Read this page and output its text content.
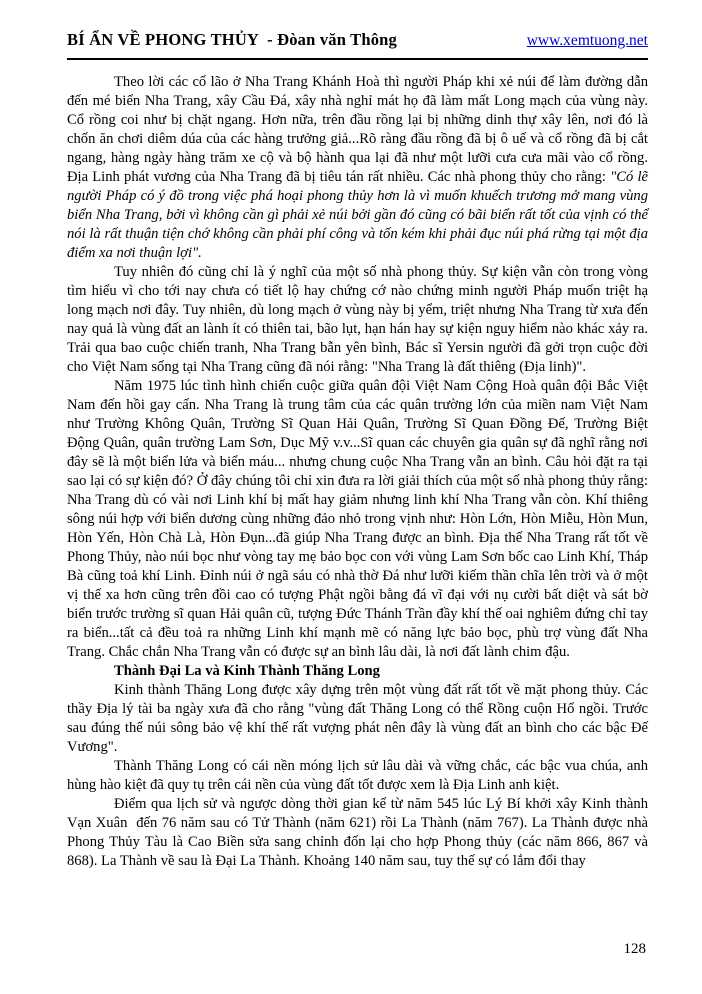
BÍ ẨN VỀ PHONG THỦY  - Đòan văn Thông	www.xemtuong.net

Theo lời các cố lão ở Nha Trang Khánh Hoà thì người Pháp khi xẻ núi để làm đường dẫn đến mé biển Nha Trang, xây Cầu Đá, xây nhà nghỉ mát họ đã làm mất Long mạch của vùng này. Cổ rồng coi như bị chặt ngang. Hơn nữa, trên đầu rồng lại bị những dinh thự xây lên, nơi đó là chốn ăn chơi diêm dúa của các hàng trưởng giả...Rõ ràng đầu rồng đã bị ô uế và cổ rồng đã bị cắt ngang, hàng ngày hàng trăm xe cộ và bộ hành qua lại đã như một lưỡi cưa cưa mãi vào cổ rồng. Địa Linh phát vương của Nha Trang đã bị tiêu tán rất nhiều. Các nhà phong thủy cho rằng: "Có lẽ người Pháp có ý đồ trong việc phá hoại phong thủy hơn là vì muốn khuếch trương mở mang vùng biển Nha Trang, bởi vì không cần gì phải xẻ núi bởi gần đó cũng có bãi biển rất tốt của vịnh có thể nói là rất thuận tiện chớ không cần phải phí công và tốn kém khi phải đục núi phá rừng tại một địa điểm xa nơi thuận lợi".

Tuy nhiên đó cũng chỉ là ý nghĩ của một số nhà phong thủy. Sự kiện vẫn còn trong vòng tìm hiểu vì cho tới nay chưa có tiết lộ hay chứng cớ nào chứng minh người Pháp muốn triệt hạ long mạch nơi đây. Tuy nhiên, dù long mạch ở vùng này bị yểm, triệt nhưng Nha Trang từ xưa đến nay quả là vùng đất an lành ít có thiên tai, bão lụt, hạn hán hay sự kiện nguy hiểm nào khác xảy ra. Trải qua bao cuộc chiến tranh, Nha Trang bẫn yên bình, Bác sĩ Yersin người đã gởi trọn cuộc đời cho Việt Nam sống tại Nha Trang cũng đã nói rằng: "Nha Trang là đất thiêng (Địa linh)".

Năm 1975 lúc tình hình chiến cuộc giữa quân đội Việt Nam Cộng Hoà quân đội Bắc Việt Nam đến hồi gay cấn. Nha Trang là trung tâm của các quân trường lớn của miền nam Việt Nam như Trường Không Quân, Trường Sĩ Quan Hải Quân, Trường Sĩ Quan Đồng Đế, Trường Biệt Động Quân, quân trường Lam Sơn, Dục Mỹ v.v...Sĩ quan các chuyên gia quân sự đã nghĩ rằng nơi đây sẽ là một biển lửa và biển máu... nhưng chung cuộc Nha Trang vẫn an bình. Câu hỏi đặt ra tại sao lại có sự kiện đó? Ở đây chúng tôi chỉ xin đưa ra lời giải thích của một số nhà phong thủy rằng: Nha Trang dù có vài nơi Linh khí bị mất hay giảm nhưng linh khí Nha Trang vẫn còn. Khí thiêng sông núi hợp với biển dương cùng những đảo nhỏ trong vịnh như: Hòn Lớn, Hòn Miễu, Hòn Mun, Hòn Yến, Hòn Chà Là, Hòn Đụn...đã giúp Nha Trang được an bình. Địa thế Nha Trang rất tốt về Phong Thủy, nào núi bọc như vòng tay mẹ bảo bọc con với vùng Lam Sơn bốc cao Linh Khí, Tháp Bà cũng toả khí Linh. Đỉnh núi ở ngã sáu có nhà thờ Đá như lưỡi kiếm thần chĩa lên trời và ở một vị thế xa hơn cũng trên đồi cao có tượng Phật ngồi bằng đá vĩ đại với nụ cười bất diệt và sát bờ biển trước trường sĩ quan Hải quân cũ, tượng Đức Thánh Trần đầy khí thế oai nghiêm đứng chỉ tay ra biển...tất cả đều toả ra những Linh khí mạnh mẽ có năng lực bảo bọc, phù trợ vùng đất Nha Trang. Chắc chắn Nha Trang vẫn có được sự an bình lâu dài, là nơi đất lành chim đậu.

Thành Đại La và Kinh Thành Thăng Long

Kinh thành Thăng Long được xây dựng trên một vùng đất rất tốt về mặt phong thủy. Các thầy Địa lý tài ba ngày xưa đã cho rằng "vùng đất Thăng Long có thể Rồng cuộn Hổ ngồi. Trước sau đúng thế núi sông bảo vệ khí thế rất vượng phát nên đây là vùng đất an bình cho các bậc Đế Vương".

Thành Thăng Long có cái nền móng lịch sử lâu dài và vững chắc, các bậc vua chúa, anh hùng hào kiệt đã quy tụ trên cái nền của vùng đất tốt được xem là Địa Linh anh kiệt.

Điểm qua lịch sử và ngược dòng thời gian kể từ năm 545 lúc Lý Bí khởi xây Kinh thành Vạn Xuân  đến 76 năm sau có Tử Thành (năm 621) rồi La Thành (năm 767). La Thành được nhà Phong Thủy Tàu là Cao Biền sửa sang chỉnh đốn lại cho hợp Phong thủy (các năm 866, 867 và 868). La Thành về sau là Đại La Thành. Khoảng 140 năm sau, tuy thế sự có lắm đổi thay

128
